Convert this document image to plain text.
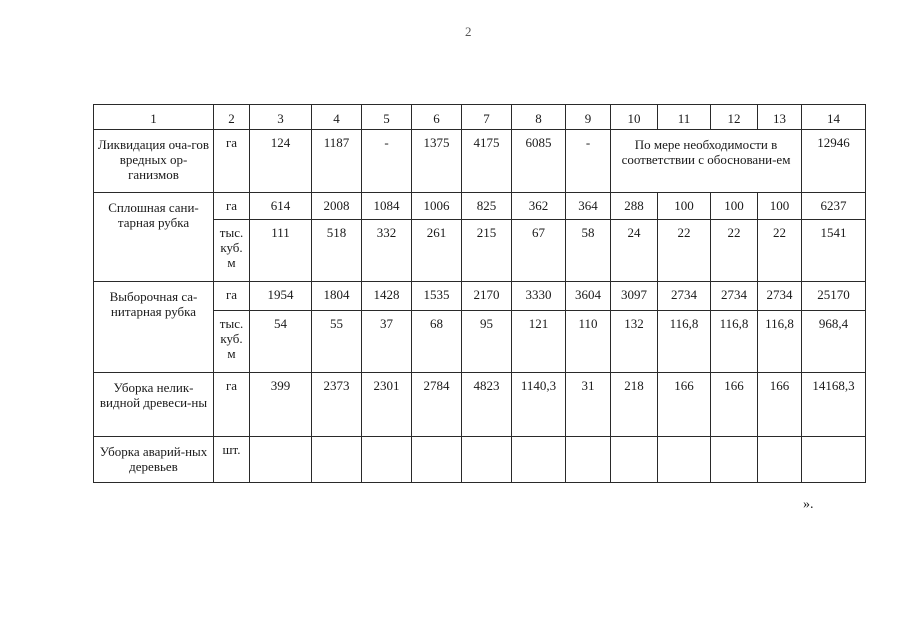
2
1	2	3	4	5	6	7	8	9	10	11	12	13	14
Ликвидация оча-гов вредных ор-ганизмов	га	124	1187	-	1375	4175	6085	-	По мере необходимости в соответствии с обосновани-ем				12946
Сплошная сани-тарная рубка	га	614	2008	1084	1006	825	362	364	288	100	100	100	6237
	тыс. куб. м	111	518	332	261	215	67	58	24	22	22	22	1541
Выборочная са-нитарная рубка	га	1954	1804	1428	1535	2170	3330	3604	3097	2734	2734	2734	25170
	тыс. куб. м	54	55	37	68	95	121	110	132	116,8	116,8	116,8	968,4
Уборка нелик-видной древеси-ны	га	399	2373	2301	2784	4823	1140,3	31	218	166	166	166	14168,3
Уборка аварий-ных деревьев	шт.												
».
